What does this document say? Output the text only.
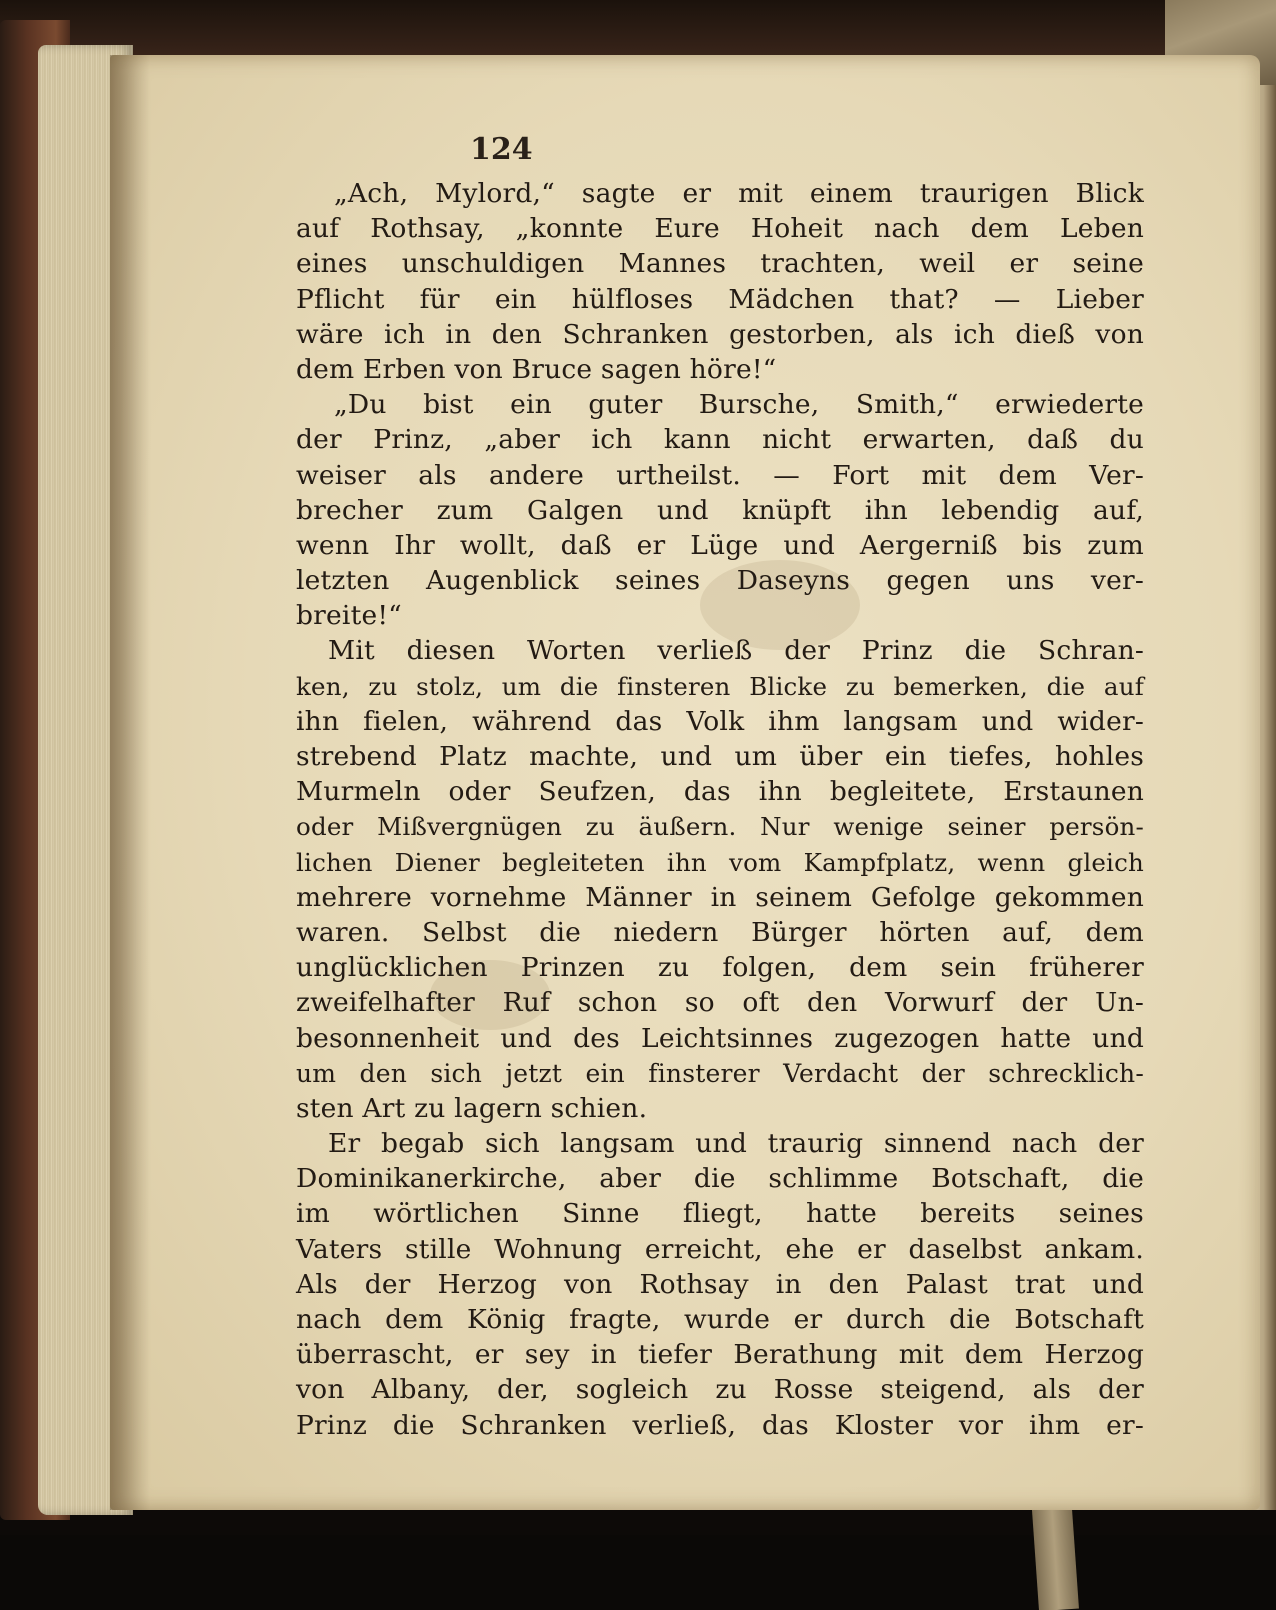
124
„Ach, Mylord,“ sagte er mit einem traurigen Blick
auf Rothsay, „konnte Eure Hoheit nach dem Leben
eines unschuldigen Mannes trachten, weil er seine
Pflicht für ein hülfloses Mädchen that? — Lieber
wäre ich in den Schranken gestorben, als ich dieß von
dem Erben von Bruce sagen höre!“
„Du bist ein guter Bursche, Smith,“ erwiederte
der Prinz, „aber ich kann nicht erwarten, daß du
weiser als andere urtheilst. — Fort mit dem Ver-
brecher zum Galgen und knüpft ihn lebendig auf,
wenn Ihr wollt, daß er Lüge und Aergerniß bis zum
letzten Augenblick seines Daseyns gegen uns ver-
breite!“
Mit diesen Worten verließ der Prinz die Schran-
ken, zu stolz, um die finsteren Blicke zu bemerken, die auf
ihn fielen, während das Volk ihm langsam und wider-
strebend Platz machte, und um über ein tiefes, hohles
Murmeln oder Seufzen, das ihn begleitete, Erstaunen
oder Mißvergnügen zu äußern. Nur wenige seiner persön-
lichen Diener begleiteten ihn vom Kampfplatz, wenn gleich
mehrere vornehme Männer in seinem Gefolge gekommen
waren. Selbst die niedern Bürger hörten auf, dem
unglücklichen Prinzen zu folgen, dem sein früherer
zweifelhafter Ruf schon so oft den Vorwurf der Un-
besonnenheit und des Leichtsinnes zugezogen hatte und
um den sich jetzt ein finsterer Verdacht der schrecklich-
sten Art zu lagern schien.
Er begab sich langsam und traurig sinnend nach der
Dominikanerkirche, aber die schlimme Botschaft, die
im wörtlichen Sinne fliegt, hatte bereits seines
Vaters stille Wohnung erreicht, ehe er daselbst ankam.
Als der Herzog von Rothsay in den Palast trat und
nach dem König fragte, wurde er durch die Botschaft
überrascht, er sey in tiefer Berathung mit dem Herzog
von Albany, der, sogleich zu Rosse steigend, als der
Prinz die Schranken verließ, das Kloster vor ihm er-
